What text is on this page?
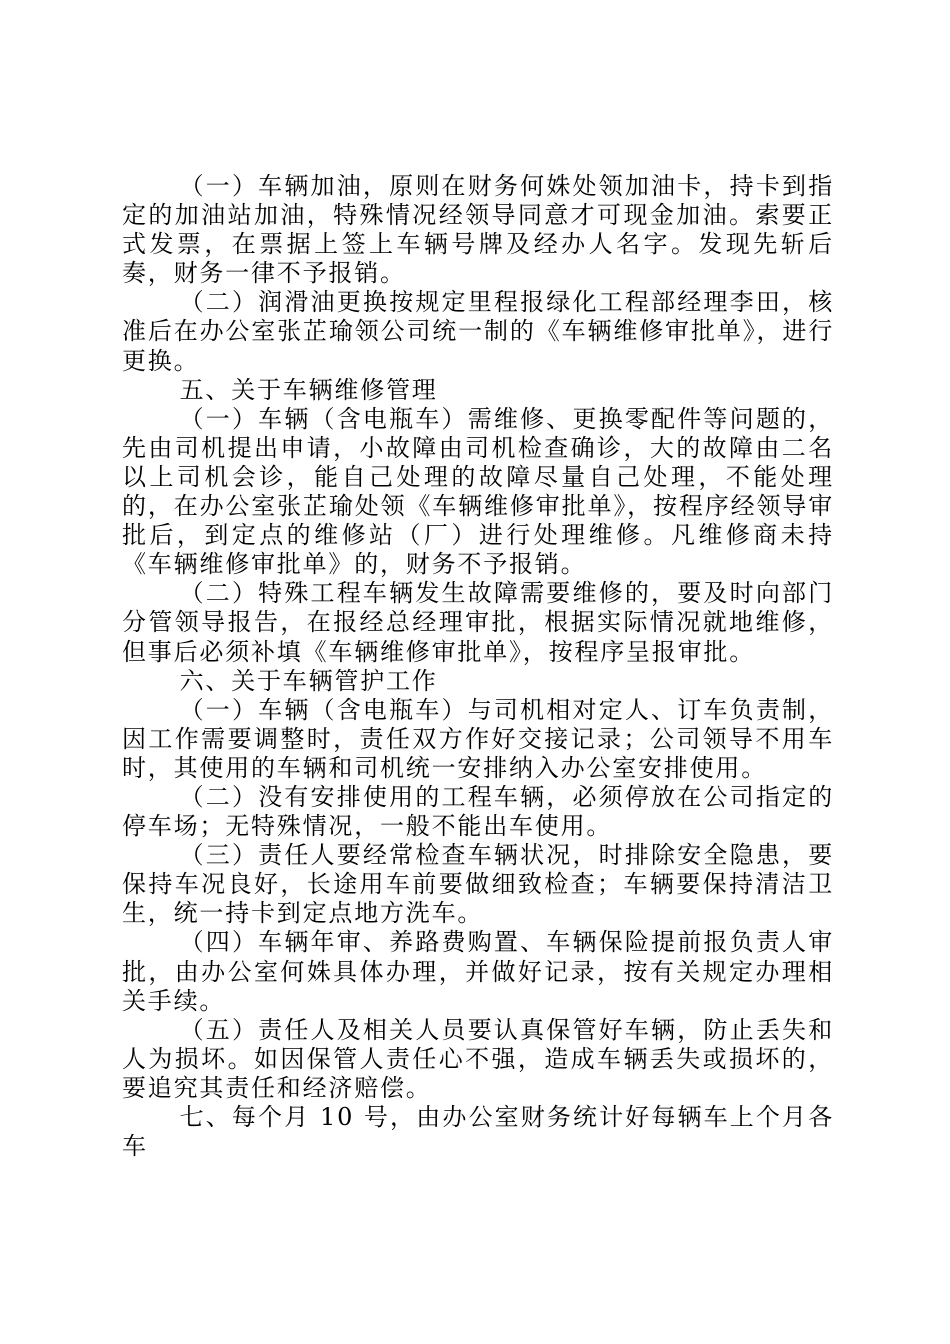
（一）车辆加油，原则在财务何姝处领加油卡，持卡到指定的加油站加油，特殊情况经领导同意才可现金加油。索要正式发票，在票据上签上车辆号牌及经办人名字。发现先斩后奏，财务一律不予报销。

（二）润滑油更换按规定里程报绿化工程部经理李田，核准后在办公室张芷瑜领公司统一制的《车辆维修审批单》，进行更换。

五、关于车辆维修管理

（一）车辆（含电瓶车）需维修、更换零配件等问题的，先由司机提出申请，小故障由司机检查确诊，大的故障由二名以上司机会诊，能自己处理的故障尽量自己处理，不能处理的，在办公室张芷瑜处领《车辆维修审批单》，按程序经领导审批后，到定点的维修站（厂）进行处理维修。凡维修商未持《车辆维修审批单》的，财务不予报销。

（二）特殊工程车辆发生故障需要维修的，要及时向部门分管领导报告，在报经总经理审批，根据实际情况就地维修，但事后必须补填《车辆维修审批单》，按程序呈报审批。

六、关于车辆管护工作

（一）车辆（含电瓶车）与司机相对定人、订车负责制，因工作需要调整时，责任双方作好交接记录；公司领导不用车时，其使用的车辆和司机统一安排纳入办公室安排使用。

（二）没有安排使用的工程车辆，必须停放在公司指定的停车场；无特殊情况，一般不能出车使用。

（三）责任人要经常检查车辆状况，时排除安全隐患，要保持车况良好，长途用车前要做细致检查；车辆要保持清洁卫生，统一持卡到定点地方洗车。

（四）车辆年审、养路费购置、车辆保险提前报负责人审批，由办公室何姝具体办理，并做好记录，按有关规定办理相关手续。

（五）责任人及相关人员要认真保管好车辆，防止丢失和人为损坏。如因保管人责任心不强，造成车辆丢失或损坏的，要追究其责任和经济赔偿。

七、每个月 10 号，由办公室财务统计好每辆车上个月各车
